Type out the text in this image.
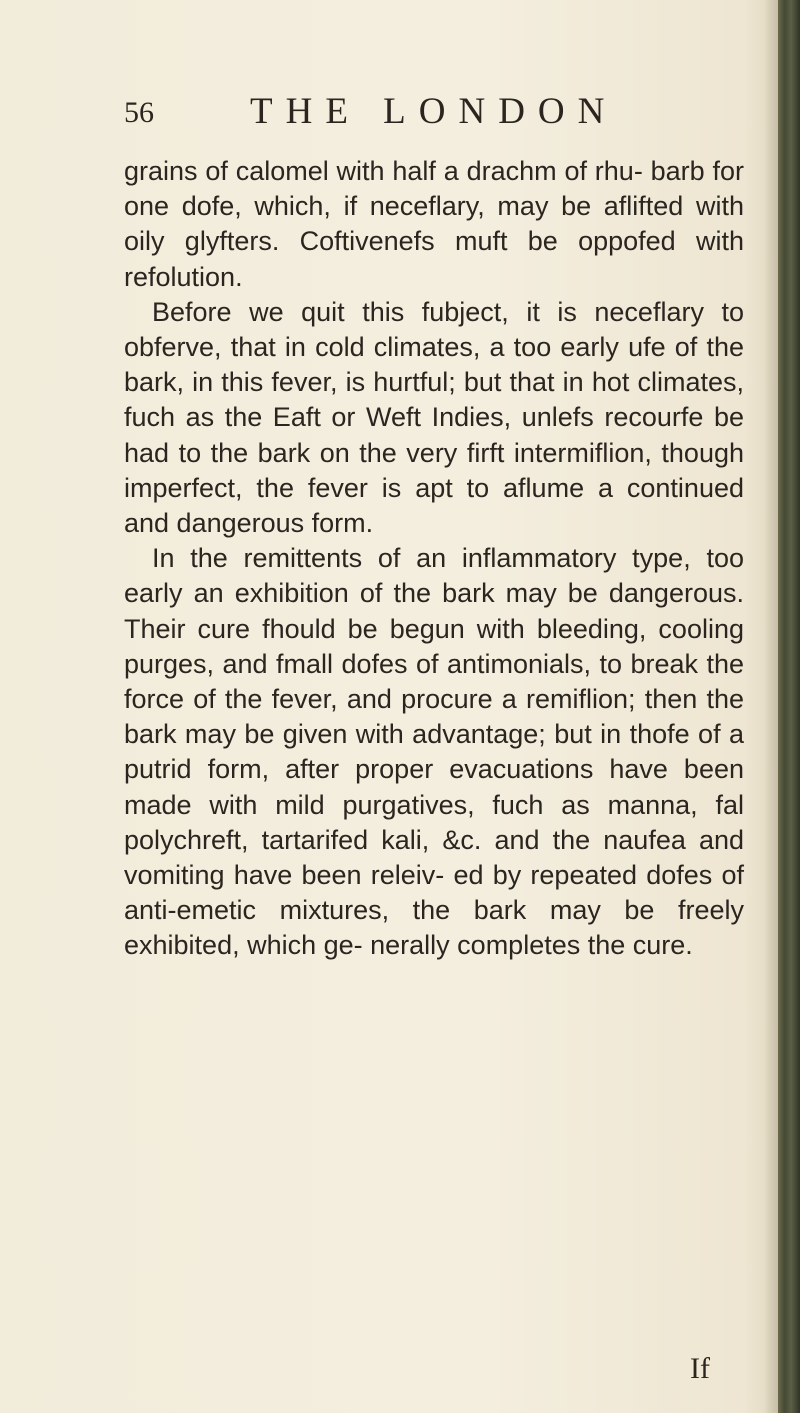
56	THE LONDON

grains of calomel with half a drachm of rhu- barb for one dofe, which, if neceflary, may be aflifted with oily glyfters. Coftivenefs muft be oppofed with refolution.

Before we quit this fubject, it is neceflary to obferve, that in cold climates, a too early ufe of the bark, in this fever, is hurtful; but that in hot climates, fuch as the Eaft or Weft Indies, unlefs recourfe be had to the bark on the very firft intermiflion, though imperfect, the fever is apt to aflume a continued and dangerous form.

In the remittents of an inflammatory type, too early an exhibition of the bark may be dangerous. Their cure fhould be begun with bleeding, cooling purges, and fmall dofes of antimonials, to break the force of the fever, and procure a remiflion; then the bark may be given with advantage; but in thofe of a putrid form, after proper evacuations have been made with mild purgatives, fuch as manna, fal polychreft, tartarifed kali, &c. and the naufea and vomiting have been releiv- ed by repeated dofes of anti-emetic mixtures, the bark may be freely exhibited, which ge- nerally completes the cure.

If
